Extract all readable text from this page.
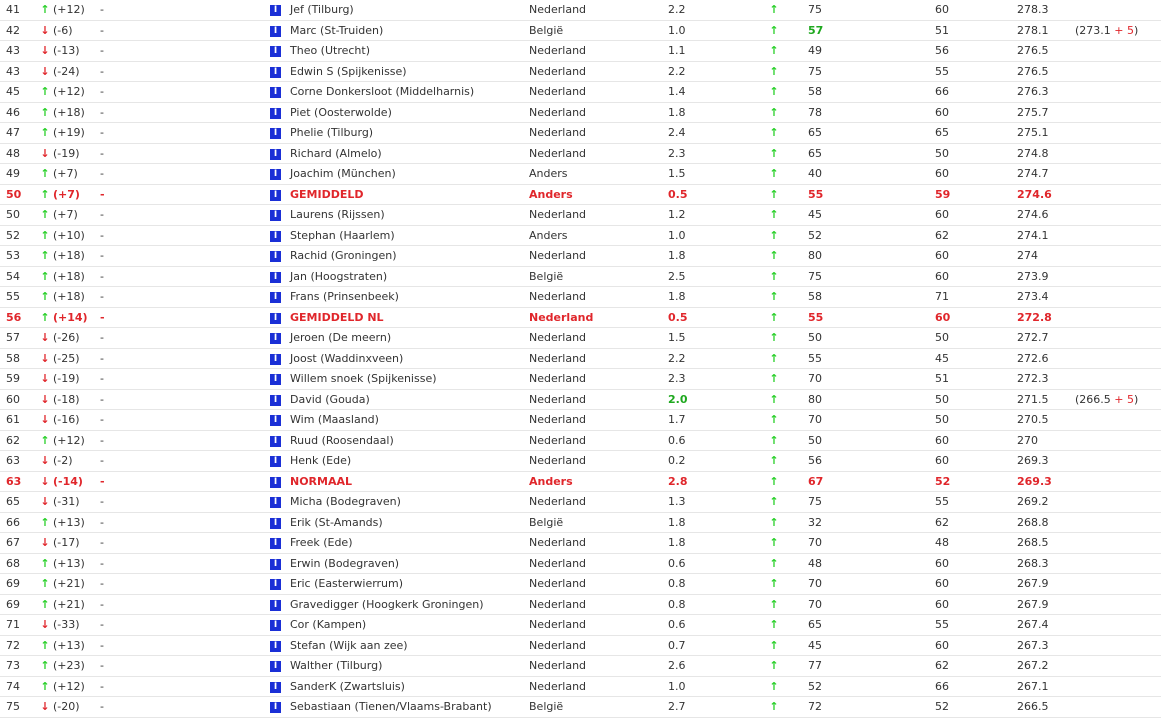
41 ↑ (+12) -	I	Jef (Tilburg)	Nederland	2.2	↑	75	60	278.3
42 ↓ (-6) -	I	Marc (St-Truiden)	België	1.0	↑	57	51	278.1 (273.1 + 5)
43 ↓ (-13) -	I	Theo (Utrecht)	Nederland	1.1	↑	49	56	276.5
43 ↓ (-24) -	I	Edwin S (Spijkenisse)	Nederland	2.2	↑	75	55	276.5
45 ↑ (+12) -	I	Corne Donkersloot (Middelharnis)	Nederland	1.4	↑	58	66	276.3
46 ↑ (+18) -	I	Piet (Oosterwolde)	Nederland	1.8	↑	78	60	275.7
47 ↑ (+19) -	I	Phelie (Tilburg)	Nederland	2.4	↑	65	65	275.1
48 ↓ (-19) -	I	Richard (Almelo)	Nederland	2.3	↑	65	50	274.8
49 ↑ (+7) -	I	Joachim (München)	Anders	1.5	↑	40	60	274.7
50 ↑ (+7) -	I	GEMIDDELD	Anders	0.5	↑	55	59	274.6
50 ↑ (+7) -	I	Laurens (Rijssen)	Nederland	1.2	↑	45	60	274.6
52 ↑ (+10) -	I	Stephan (Haarlem)	Anders	1.0	↑	52	62	274.1
53 ↑ (+18) -	I	Rachid (Groningen)	Nederland	1.8	↑	80	60	274
54 ↑ (+18) -	I	Jan (Hoogstraten)	België	2.5	↑	75	60	273.9
55 ↑ (+18) -	I	Frans (Prinsenbeek)	Nederland	1.8	↑	58	71	273.4
56 ↑ (+14) -	I	GEMIDDELD NL	Nederland	0.5	↑	55	60	272.8
57 ↓ (-26) -	I	Jeroen (De meern)	Nederland	1.5	↑	50	50	272.7
58 ↓ (-25) -	I	Joost (Waddinxveen)	Nederland	2.2	↑	55	45	272.6
59 ↓ (-19) -	I	Willem snoek (Spijkenisse)	Nederland	2.3	↑	70	51	272.3
60 ↓ (-18) -	I	David (Gouda)	Nederland	2.0	↑	80	50	271.5 (266.5 + 5)
61 ↓ (-16) -	I	Wim (Maasland)	Nederland	1.7	↑	70	50	270.5
62 ↑ (+12) -	I	Ruud (Roosendaal)	Nederland	0.6	↑	50	60	270
63 ↓ (-2) -	I	Henk (Ede)	Nederland	0.2	↑	56	60	269.3
63 ↓ (-14) -	I	NORMAAL	Anders	2.8	↑	67	52	269.3
65 ↓ (-31) -	I	Micha (Bodegraven)	Nederland	1.3	↑	75	55	269.2
66 ↑ (+13) -	I	Erik (St-Amands)	België	1.8	↑	32	62	268.8
67 ↓ (-17) -	I	Freek (Ede)	Nederland	1.8	↑	70	48	268.5
68 ↑ (+13) -	I	Erwin (Bodegraven)	Nederland	0.6	↑	48	60	268.3
69 ↑ (+21) -	I	Eric (Easterwierrum)	Nederland	0.8	↑	70	60	267.9
69 ↑ (+21) -	I	Gravedigger (Hoogkerk Groningen)	Nederland	0.8	↑	70	60	267.9
71 ↓ (-33) -	I	Cor (Kampen)	Nederland	0.6	↑	65	55	267.4
72 ↑ (+13) -	I	Stefan (Wijk aan zee)	Nederland	0.7	↑	45	60	267.3
73 ↑ (+23) -	I	Walther (Tilburg)	Nederland	2.6	↑	77	62	267.2
74 ↑ (+12) -	I	SanderK (Zwartsluis)	Nederland	1.0	↑	52	66	267.1
75 ↓ (-20) -	I	Sebastiaan (Tienen/Vlaams-Brabant)	België	2.7	↑	72	52	266.5
